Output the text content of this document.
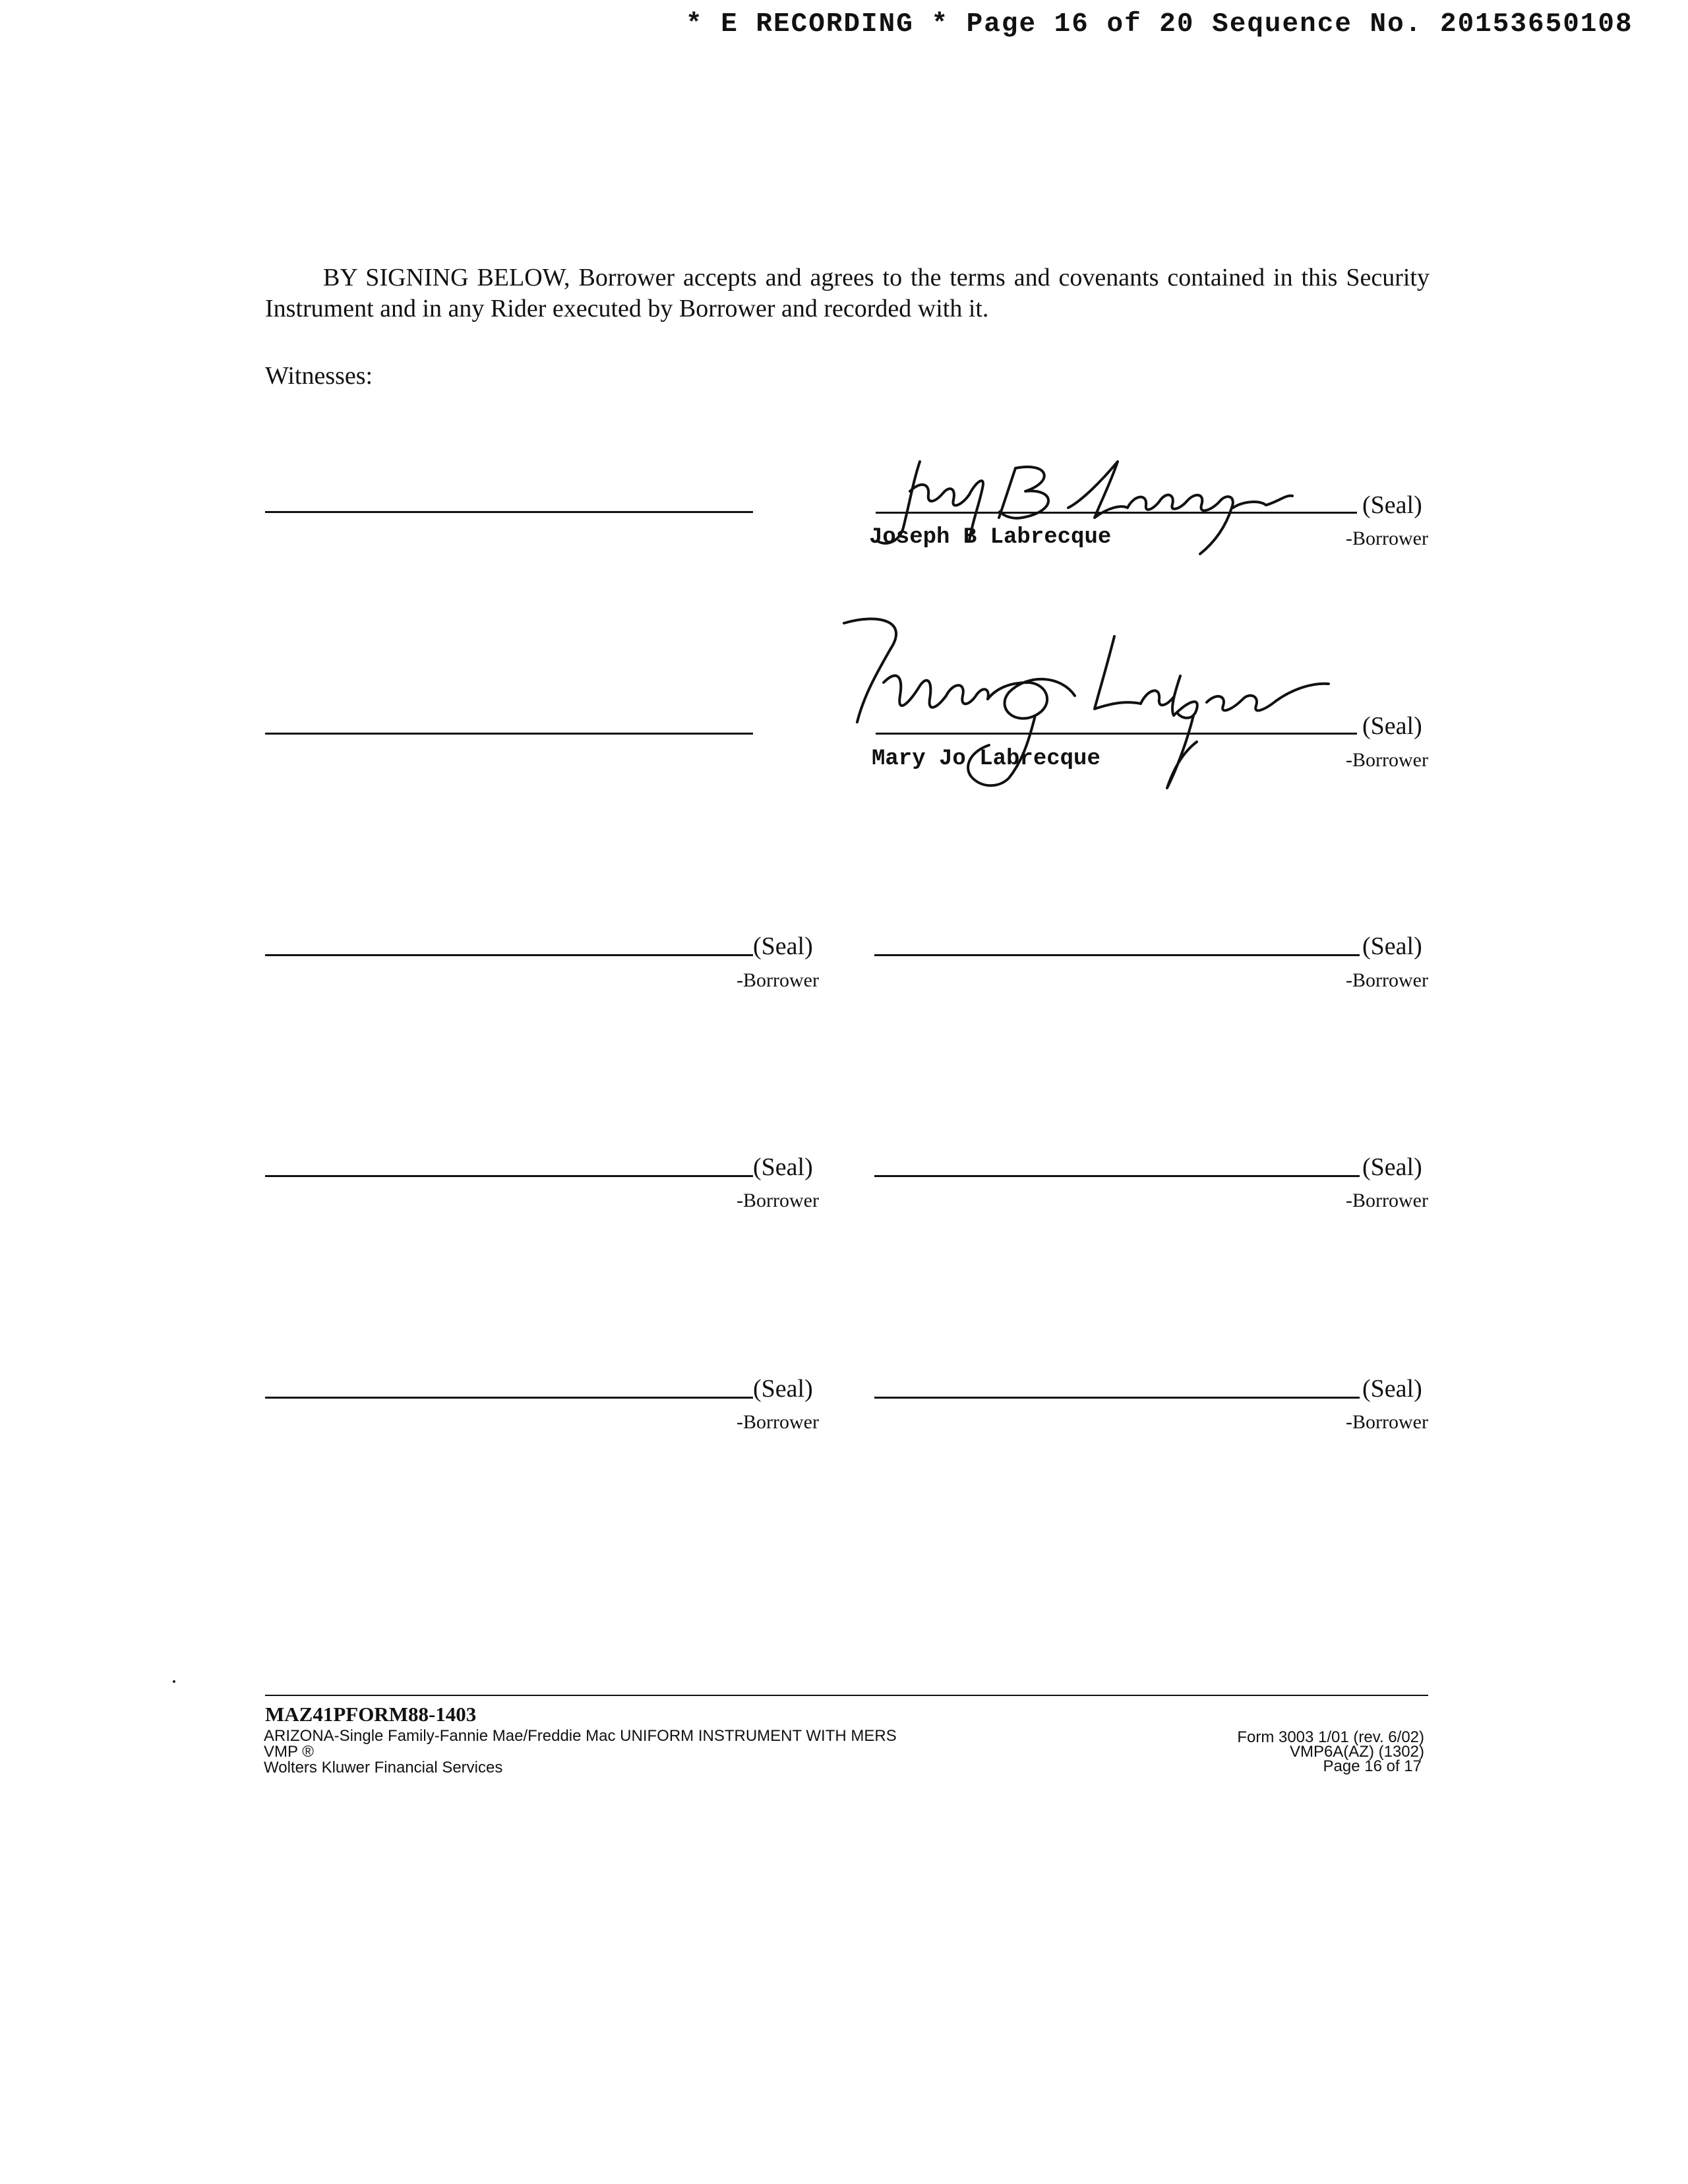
* E RECORDING * Page 16 of 20 Sequence No. 20153650108
BY SIGNING BELOW, Borrower accepts and agrees to the terms and covenants contained in this Security Instrument and in any Rider executed by Borrower and recorded with it.
Witnesses:
(Seal)
Joseph B Labrecque	-Borrower
(Seal)
Mary Jo Labrecque	-Borrower
(Seal)
-Borrower
(Seal)
-Borrower
(Seal)
-Borrower
(Seal)
-Borrower
(Seal)
-Borrower
(Seal)
-Borrower
MAZ41PFORM88-1403
ARIZONA-Single Family-Fannie Mae/Freddie Mac UNIFORM INSTRUMENT WITH MERS
VMP ®
Wolters Kluwer Financial Services
Form 3003 1/01 (rev. 6/02)
VMP6A(AZ) (1302)
Page 16 of 17
